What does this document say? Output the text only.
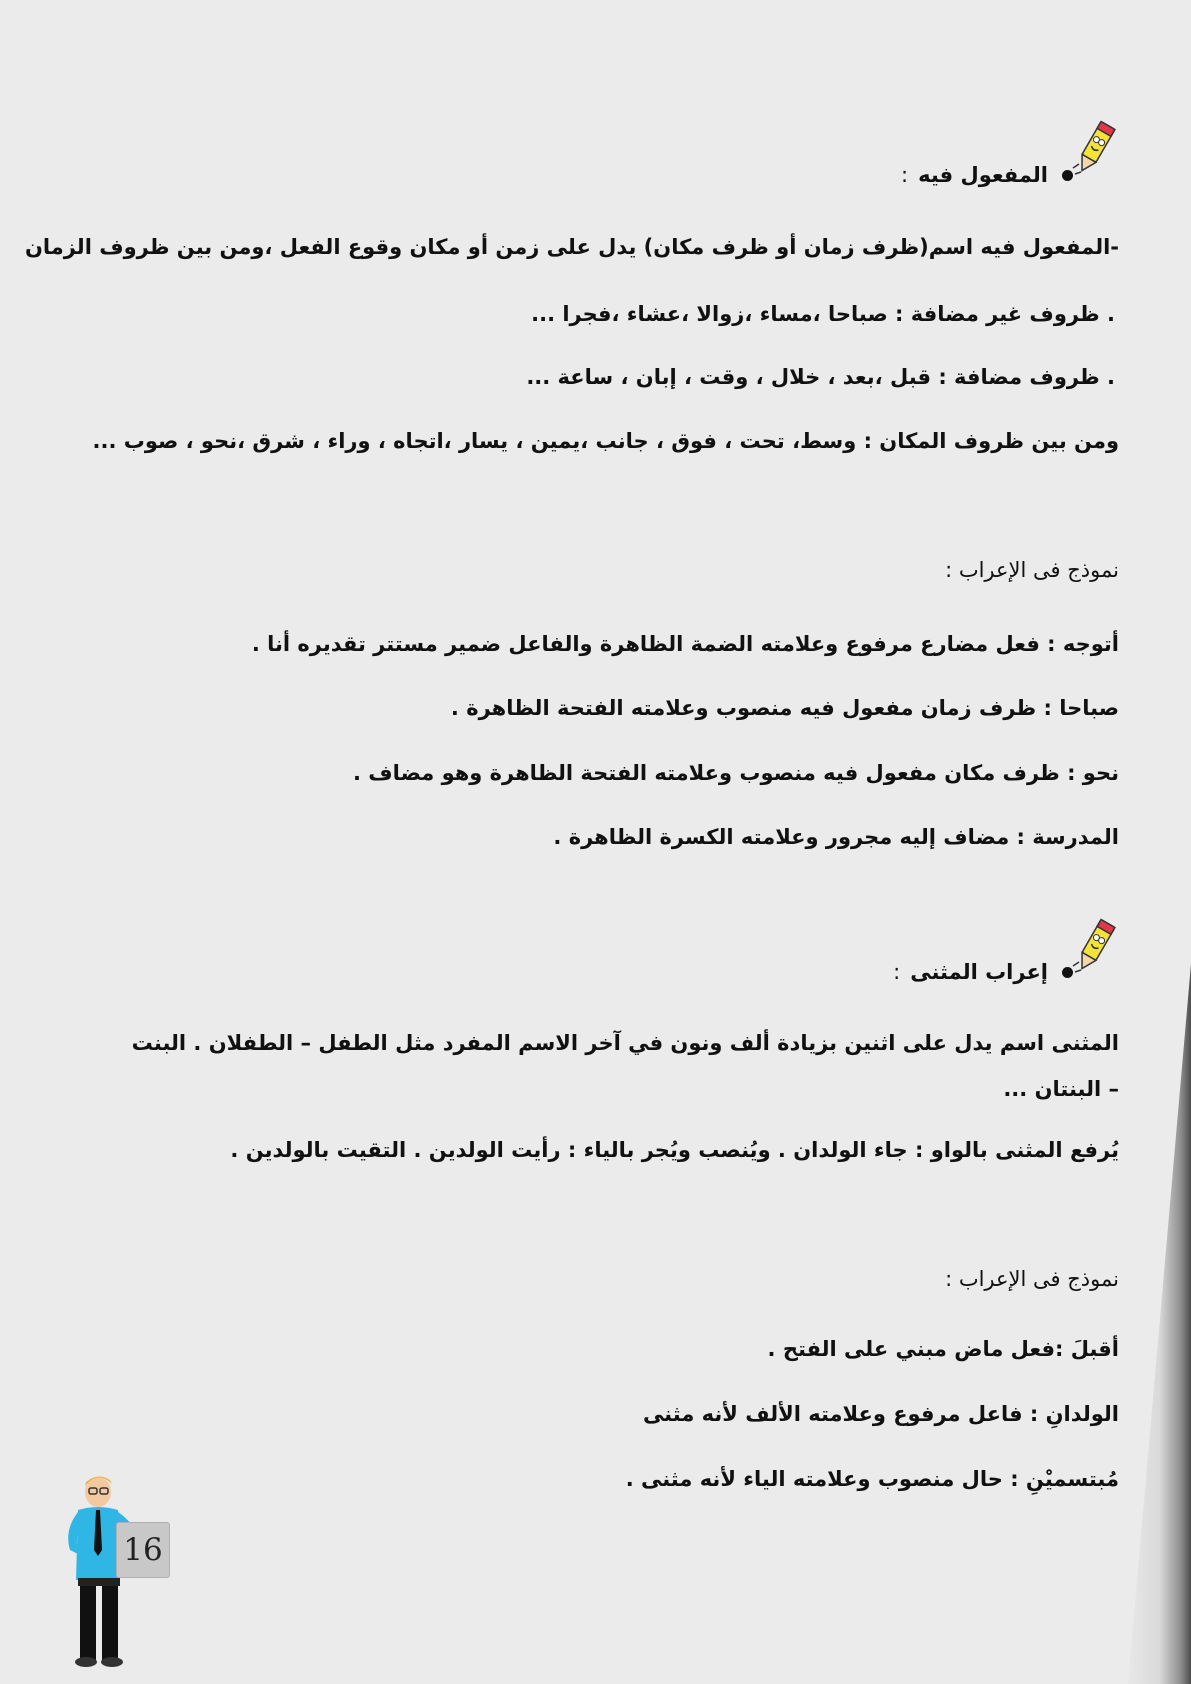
المفعول فيه
:
-المفعول فيه اسم(ظرف زمان أو ظرف مكان) يدل على زمن أو مكان وقوع الفعل ،ومن بين ظروف الزمان
. ظروف غير مضافة : صباحا ،مساء ،زوالا ،عشاء ،فجرا ...
. ظروف مضافة : قبل ،بعد ، خلال ، وقت ، إبان ، ساعة ...
ومن بين ظروف المكان : وسط، تحت ، فوق ، جانب ،يمين ، يسار ،اتجاه ، وراء ، شرق ،نحو ، صوب ...
نموذج فى الإعراب :
أتوجه : فعل مضارع مرفوع وعلامته الضمة الظاهرة والفاعل ضمير مستتر تقديره أنا .
صباحا : ظرف زمان مفعول فيه منصوب وعلامته الفتحة الظاهرة .
نحو : ظرف مكان مفعول فيه منصوب وعلامته الفتحة الظاهرة وهو مضاف .
المدرسة : مضاف إليه مجرور وعلامته الكسرة الظاهرة .
إعراب المثنى
:
المثنى اسم يدل على اثنين بزيادة ألف ونون في آخر الاسم المفرد مثل الطفل – الطفلان . البنت – البنتان ...
يُرفع المثنى بالواو : جاء الولدان . ويُنصب ويُجر بالياء : رأيت الولدين . التقيت بالولدين .
نموذج فى الإعراب :
أقبلَ :فعل ماض مبني على الفتح .
الولدانِ : فاعل مرفوع وعلامته الألف لأنه مثنى
مُبتسميْنِ : حال منصوب وعلامته الياء لأنه مثنى .
16
